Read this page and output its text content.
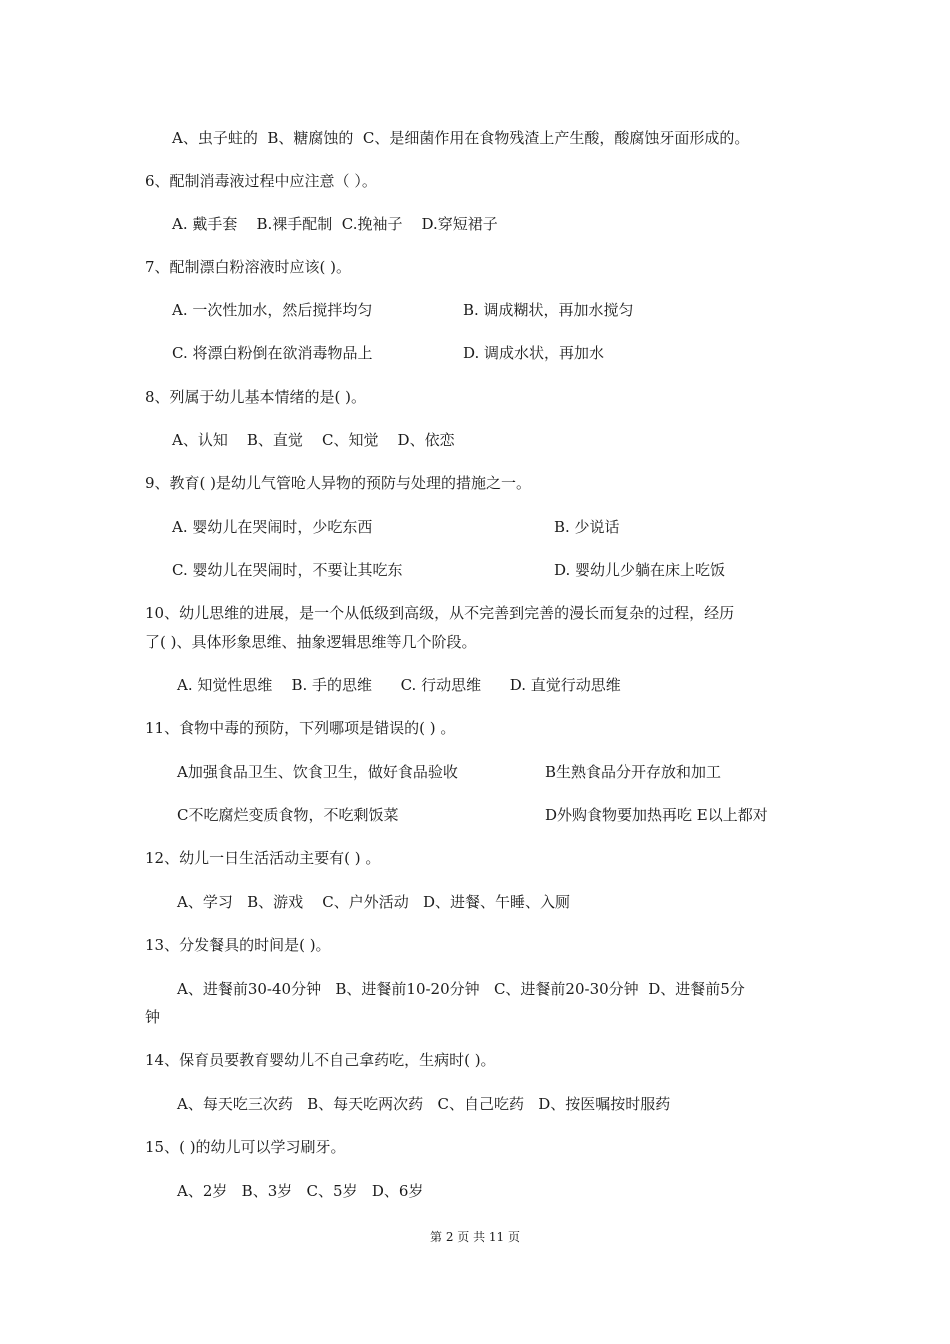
A、虫子蛀的  B、糖腐蚀的  C、是细菌作用在食物残渣上产生酸，酸腐蚀牙面形成的。
6、配制消毒液过程中应注意（ ）。
A. 戴手套    B.裸手配制  C.挽袖子    D.穿短裙子
7、配制漂白粉溶液时应该( )。
A. 一次性加水，然后搅拌均匀	B. 调成糊状，再加水搅匀
C. 将漂白粉倒在欲消毒物品上	D. 调成水状，再加水
8、列属于幼儿基本情绪的是( )。
A、认知    B、直觉    C、知觉    D、依恋
9、教育( )是幼儿气管呛人异物的预防与处理的措施之一。
A. 婴幼儿在哭闹时，少吃东西	B. 少说话
C. 婴幼儿在哭闹时，不要让其吃东	D. 婴幼儿少躺在床上吃饭
10、幼儿思维的进展，是一个从低级到高级，从不完善到完善的漫长而复杂的过程，经历
了( )、具体形象思维、抽象逻辑思维等几个阶段。
A. 知觉性思维    B. 手的思维      C. 行动思维      D. 直觉行动思维
11、食物中毒的预防，下列哪项是错误的( ) 。
A加强食品卫生、饮食卫生，做好食品验收	B生熟食品分开存放和加工
C不吃腐烂变质食物，不吃剩饭菜	D外购食物要加热再吃 E以上都对
12、幼儿一日生活活动主要有( ) 。
A、学习   B、游戏    C、户外活动   D、进餐、午睡、入厕
13、分发餐具的时间是( )。
A、进餐前30-40分钟   B、进餐前10-20分钟   C、进餐前20-30分钟  D、进餐前5分
钟
14、保育员要教育婴幼儿不自己拿药吃，生病时( )。
A、每天吃三次药   B、每天吃两次药   C、自己吃药   D、按医嘱按时服药
15、( )的幼儿可以学习刷牙。
A、2岁   B、3岁   C、5岁   D、6岁
第 2 页 共 11 页
